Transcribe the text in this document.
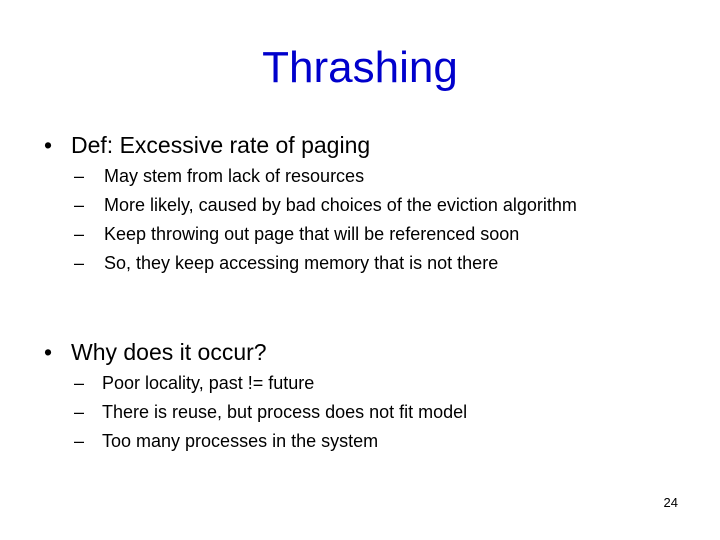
Thrashing
• Def: Excessive rate of paging
– May stem from lack of resources
– More likely, caused by bad choices of the eviction algorithm
– Keep throwing out page that will be referenced soon
– So, they keep accessing memory that is not there
• Why does it occur?
– Poor locality, past != future
– There is reuse, but process does not fit model
– Too many processes in the system
24
